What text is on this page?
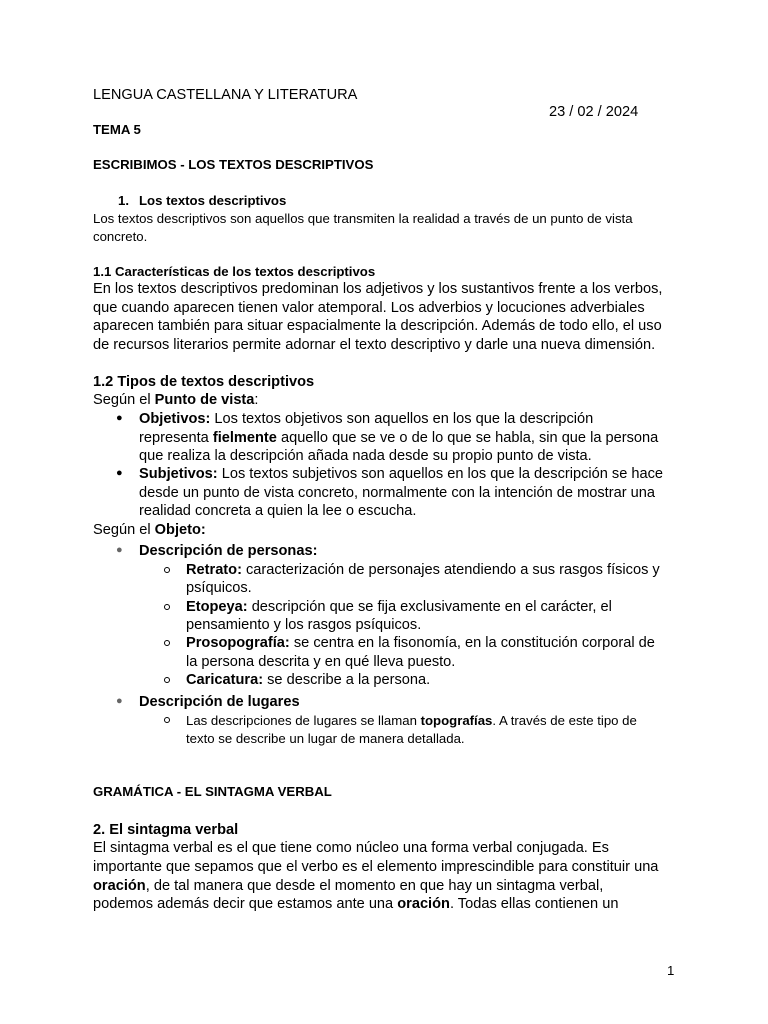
LENGUA CASTELLANA Y LITERATURA
23 / 02 / 2024
TEMA 5
ESCRIBIMOS - LOS TEXTOS DESCRIPTIVOS
1. Los textos descriptivos
Los textos descriptivos son aquellos que transmiten la realidad a través de un punto de vista
concreto.
1.1 Características de los textos descriptivos
En los textos descriptivos predominan los adjetivos y los sustantivos frente a los verbos,
que cuando aparecen tienen valor atemporal. Los adverbios y locuciones adverbiales
aparecen también para situar espacialmente la descripción. Además de todo ello, el uso
de recursos literarios permite adornar el texto descriptivo y darle una nueva dimensión.
1.2 Tipos de textos descriptivos
Según el Punto de vista:
● Objetivos: Los textos objetivos son aquellos en los que la descripción
representa fielmente aquello que se ve o de lo que se habla, sin que la persona
que realiza la descripción añada nada desde su propio punto de vista.
● Subjetivos: Los textos subjetivos son aquellos en los que la descripción se hace
desde un punto de vista concreto, normalmente con la intención de mostrar una
realidad concreta a quien la lee o escucha.
Según el Objeto:
● Descripción de personas:
Retrato: caracterización de personajes atendiendo a sus rasgos físicos y
psíquicos.
Etopeya: descripción que se fija exclusivamente en el carácter, el
pensamiento y los rasgos psíquicos.
Prosopografía: se centra en la fisonomía, en la constitución corporal de
la persona descrita y en qué lleva puesto.
Caricatura: se describe a la persona.
● Descripción de lugares
Las descripciones de lugares se llaman topografías. A través de este tipo de
texto se describe un lugar de manera detallada.
GRAMÁTICA - EL SINTAGMA VERBAL
2. El sintagma verbal
El sintagma verbal es el que tiene como núcleo una forma verbal conjugada. Es
importante que sepamos que el verbo es el elemento imprescindible para constituir una
oración, de tal manera que desde el momento en que hay un sintagma verbal,
podemos además decir que estamos ante una oración. Todas ellas contienen un
1
